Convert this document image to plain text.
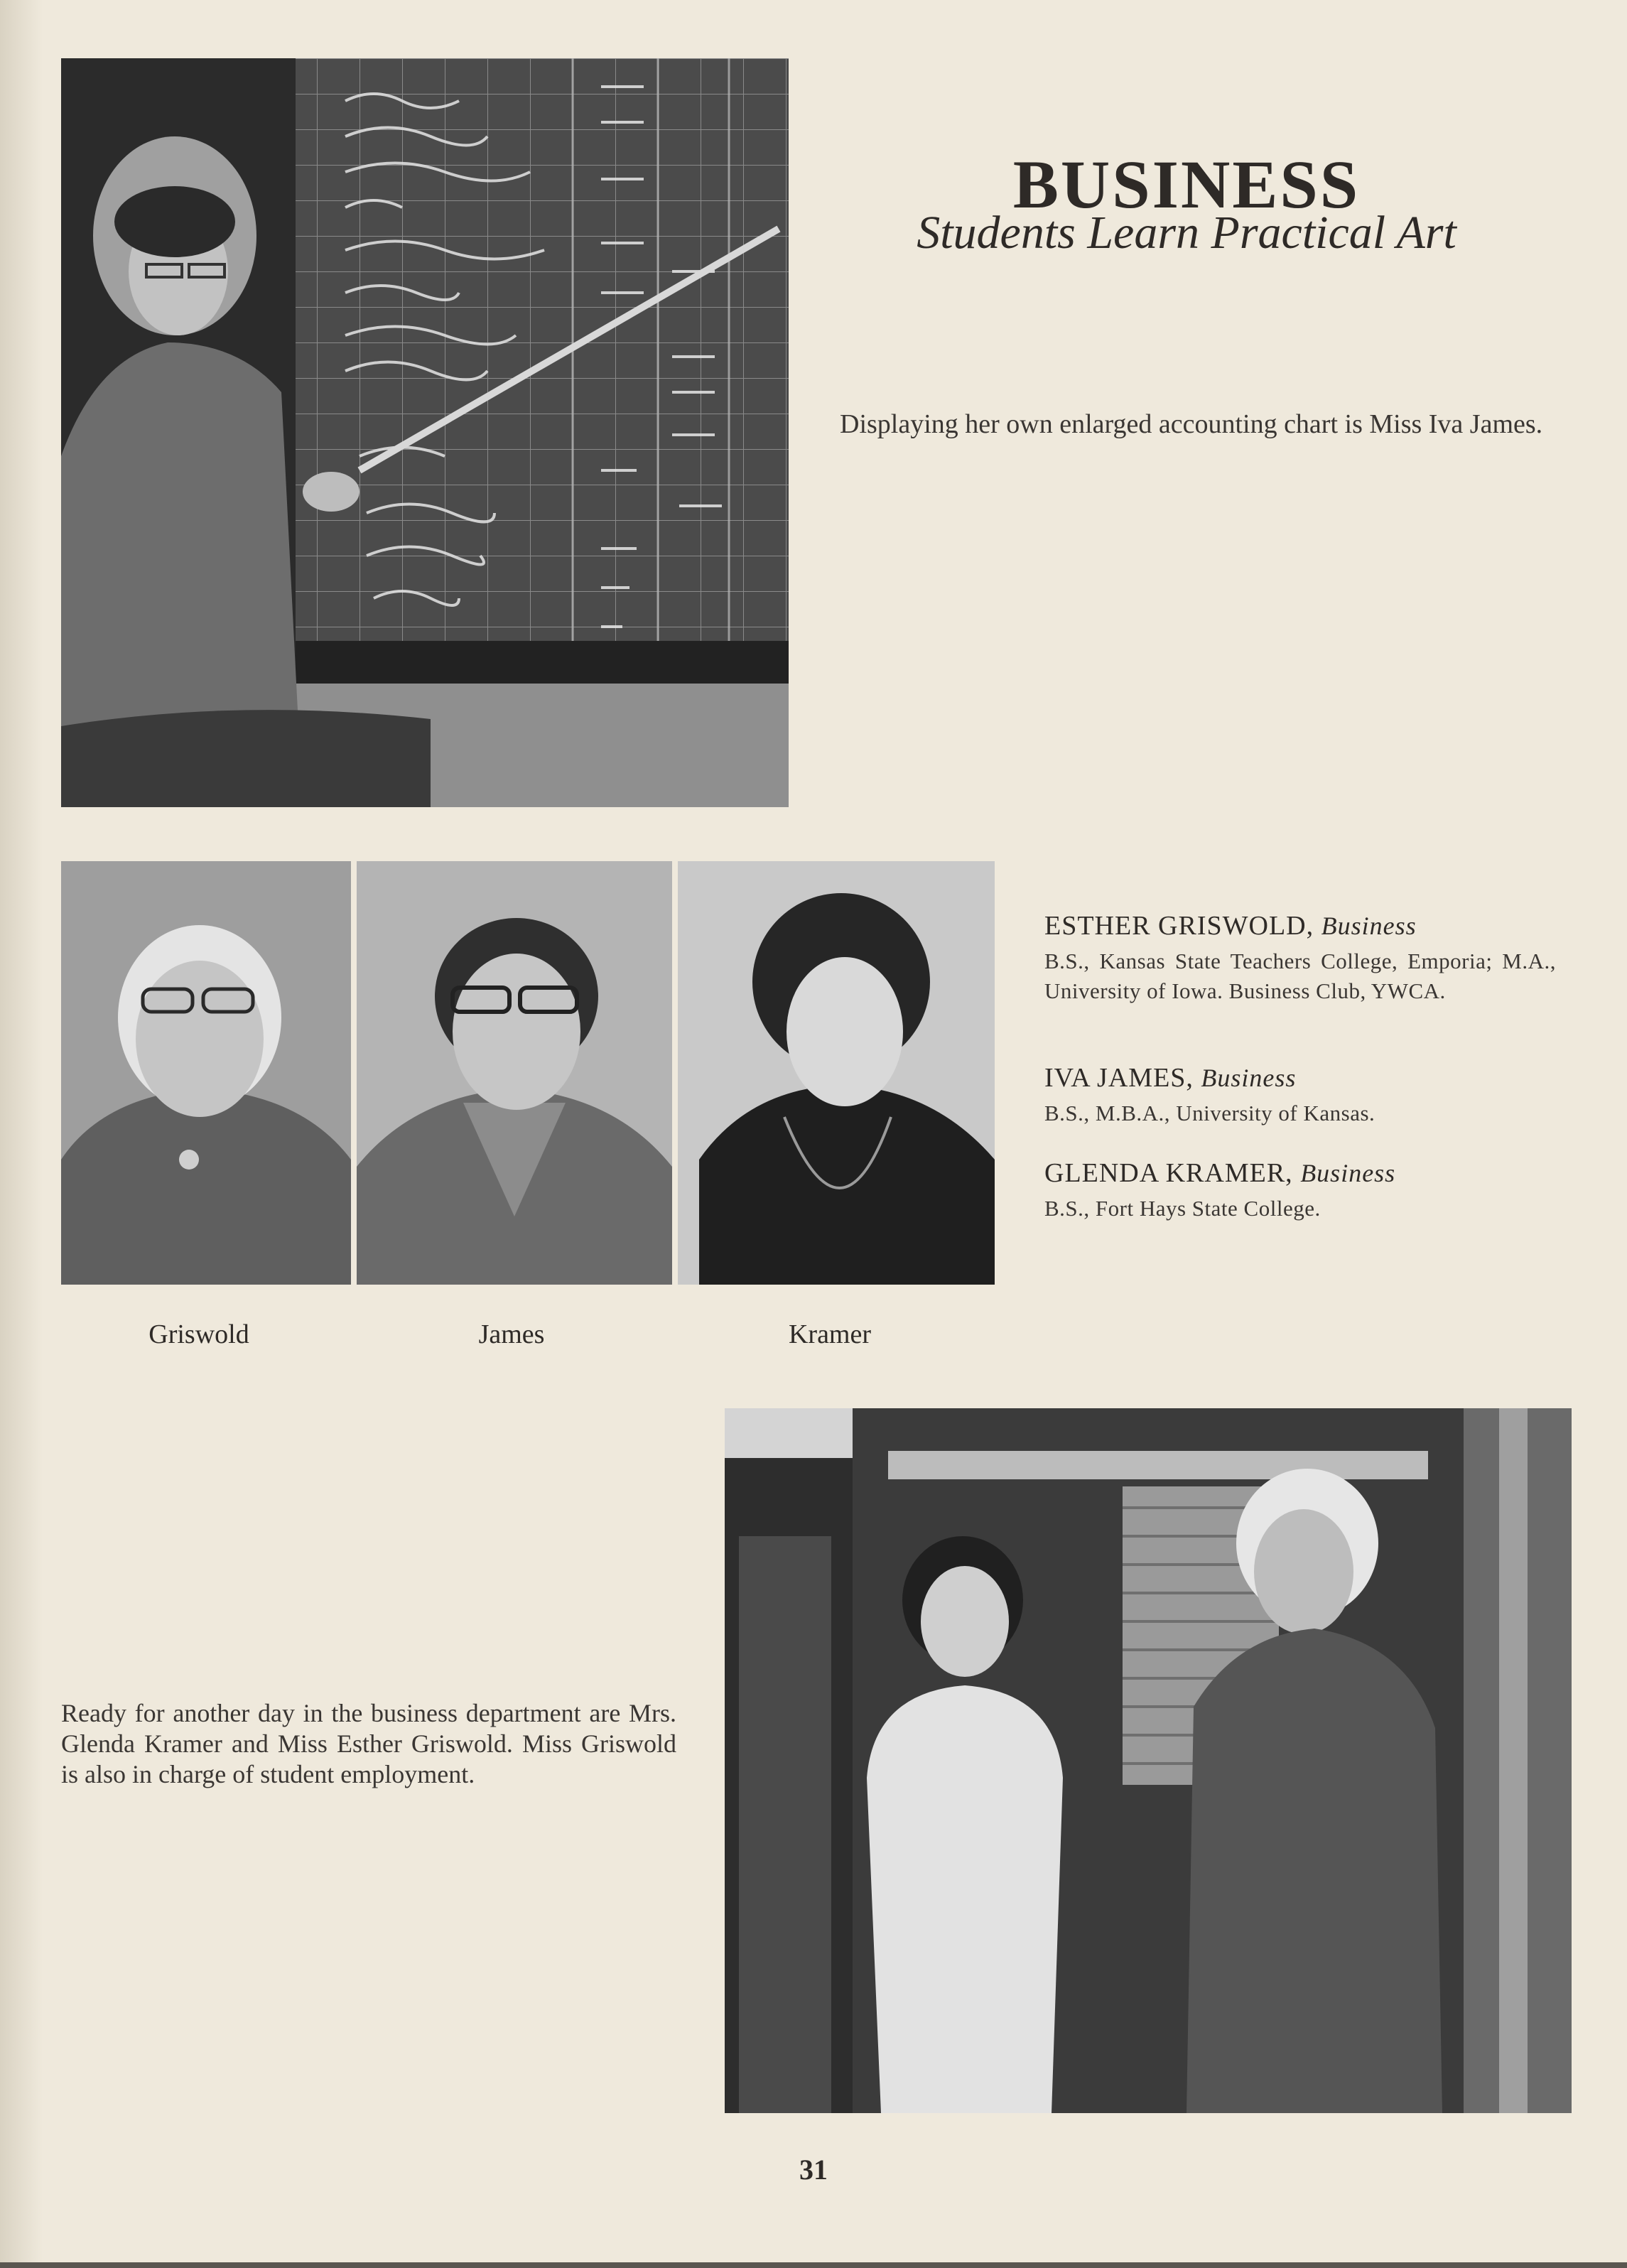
BUSINESS
Students Learn Practical Art

Displaying her own enlarged accounting chart is Miss Iva James.

Griswold	James	Kramer
ESTHER GRISWOLD, Business
B.S., Kansas State Teachers College, Emporia; M.A., University of Iowa. Business Club, YWCA.
IVA JAMES, Business
B.S., M.B.A., University of Kansas.
GLENDA KRAMER, Business
B.S., Fort Hays State College.

Ready for another day in the business department are Mrs. Glenda Kramer and Miss Esther Griswold. Miss Griswold is also in charge of student employment.

31
